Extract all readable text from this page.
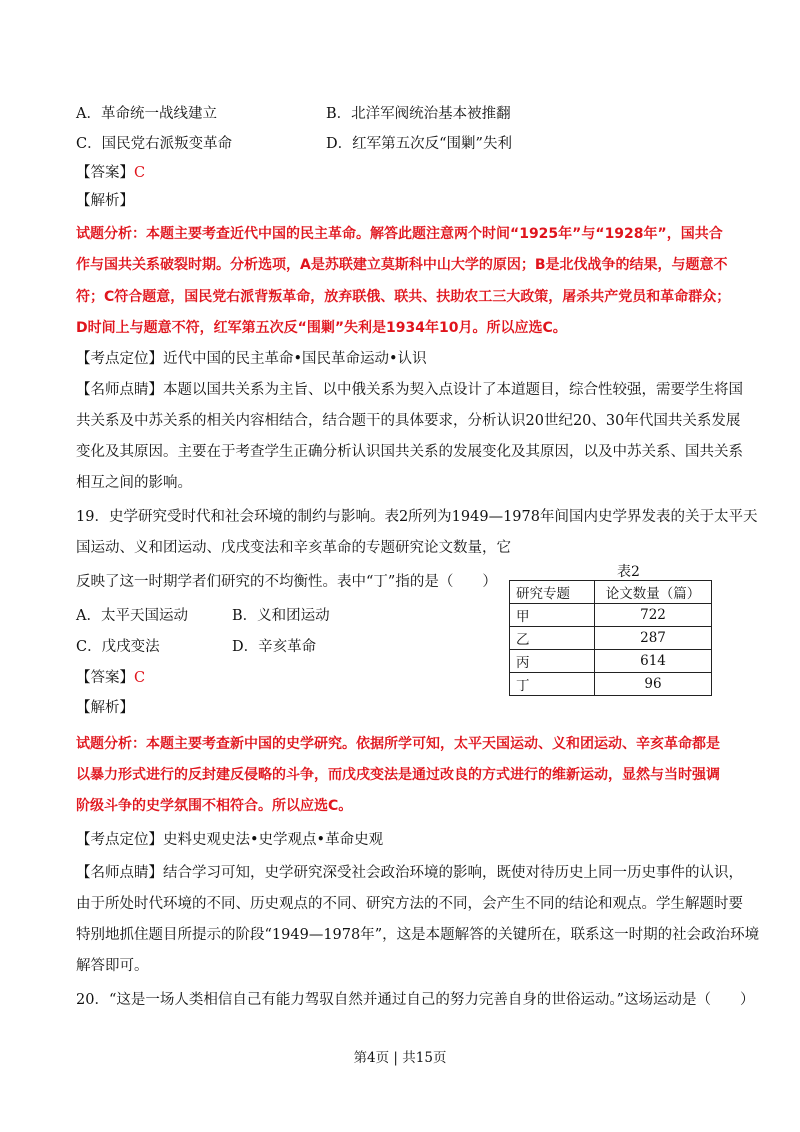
A．革命统一战线建立	B．北洋军阀统治基本被推翻
C．国民党右派叛变革命	D．红军第五次反“围剿”失利
【答案】C
【解析】
试题分析：本题主要考查近代中国的民主革命。解答此题注意两个时间“1925年”与“1928年”，国共合
作与国共关系破裂时期。分析选项，A是苏联建立莫斯科中山大学的原因；B是北伐战争的结果，与题意不
符；C符合题意，国民党右派背叛革命，放弃联俄、联共、扶助农工三大政策，屠杀共产党员和革命群众；
D时间上与题意不符，红军第五次反“围剿”失利是1934年10月。所以应选C。
【考点定位】近代中国的民主革命•国民革命运动•认识
【名师点睛】本题以国共关系为主旨、以中俄关系为契入点设计了本道题目，综合性较强，需要学生将国
共关系及中苏关系的相关内容相结合，结合题干的具体要求，分析认识20世纪20、30年代国共关系发展
变化及其原因。主要在于考查学生正确分析认识国共关系的发展变化及其原因，以及中苏关系、国共关系
相互之间的影响。
19．史学研究受时代和社会环境的制约与影响。表2所列为1949—1978年间国内史学界发表的关于太平天
国运动、义和团运动、戊戌变法和辛亥革命的专题研究论文数量，它
反映了这一时期学者们研究的不均衡性。表中“丁”指的是（　　）
A．太平天国运动	B．义和团运动
C．戊戌变法	D．辛亥革命
表2
研究专题	论文数量（篇）
甲	722
乙	287
丙	614
丁	96
【答案】C
【解析】
试题分析：本题主要考查新中国的史学研究。依据所学可知，太平天国运动、义和团运动、辛亥革命都是
以暴力形式进行的反封建反侵略的斗争，而戊戌变法是通过改良的方式进行的维新运动，显然与当时强调
阶级斗争的史学氛围不相符合。所以应选C。
【考点定位】史料史观史法•史学观点•革命史观
【名师点睛】结合学习可知，史学研究深受社会政治环境的影响，既使对待历史上同一历史事件的认识，
由于所处时代环境的不同、历史观点的不同、研究方法的不同，会产生不同的结论和观点。学生解题时要
特别地抓住题目所提示的阶段“1949—1978年”，这是本题解答的关键所在，联系这一时期的社会政治环境
解答即可。
20．“这是一场人类相信自己有能力驾驭自然并通过自己的努力完善自身的世俗运动。”这场运动是（　　）
第4页 | 共15页
